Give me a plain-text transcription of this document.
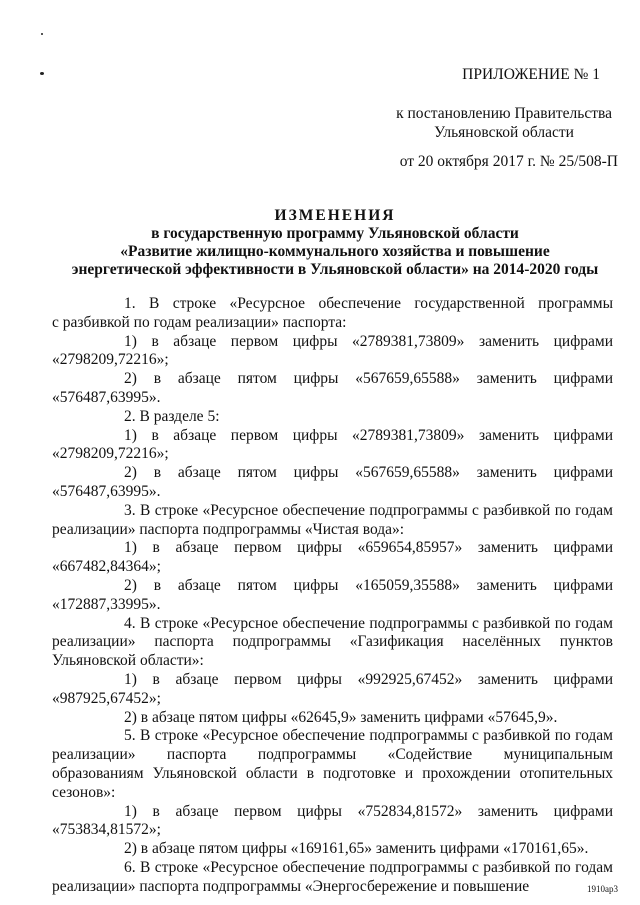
ПРИЛОЖЕНИЕ № 1
к постановлению Правительства
Ульяновской области
от 20 октября 2017 г. № 25/508-П
ИЗМЕНЕНИЯ
в государственную программу Ульяновской области
«Развитие жилищно-коммунального хозяйства и повышение
энергетической эффективности в Ульяновской области» на 2014-2020 годы
1. В строке «Ресурсное обеспечение государственной программы
с разбивкой по годам реализации» паспорта:
1) в абзаце первом цифры «2789381,73809» заменить цифрами
«2798209,72216»;
2) в абзаце пятом цифры «567659,65588» заменить цифрами
«576487,63995».
2. В разделе 5:
1) в абзаце первом цифры «2789381,73809» заменить цифрами
«2798209,72216»;
2) в абзаце пятом цифры «567659,65588» заменить цифрами
«576487,63995».
3. В строке «Ресурсное обеспечение подпрограммы с разбивкой по годам
реализации» паспорта подпрограммы «Чистая вода»:
1) в абзаце первом цифры «659654,85957» заменить цифрами
«667482,84364»;
2) в абзаце пятом цифры «165059,35588» заменить цифрами
«172887,33995».
4. В строке «Ресурсное обеспечение подпрограммы с разбивкой по годам
реализации» паспорта подпрограммы «Газификация населённых пунктов
Ульяновской области»:
1) в абзаце первом цифры «992925,67452» заменить цифрами
«987925,67452»;
2) в абзаце пятом цифры «62645,9» заменить цифрами «57645,9».
5. В строке «Ресурсное обеспечение подпрограммы с разбивкой по годам
реализации» паспорта подпрограммы «Содействие муниципальным
образованиям Ульяновской области в подготовке и прохождении отопительных
сезонов»:
1) в абзаце первом цифры «752834,81572» заменить цифрами
«753834,81572»;
2) в абзаце пятом цифры «169161,65» заменить цифрами «170161,65».
6. В строке «Ресурсное обеспечение подпрограммы с разбивкой по годам
реализации» паспорта подпрограммы «Энергосбережение и повышение	1910ap3
